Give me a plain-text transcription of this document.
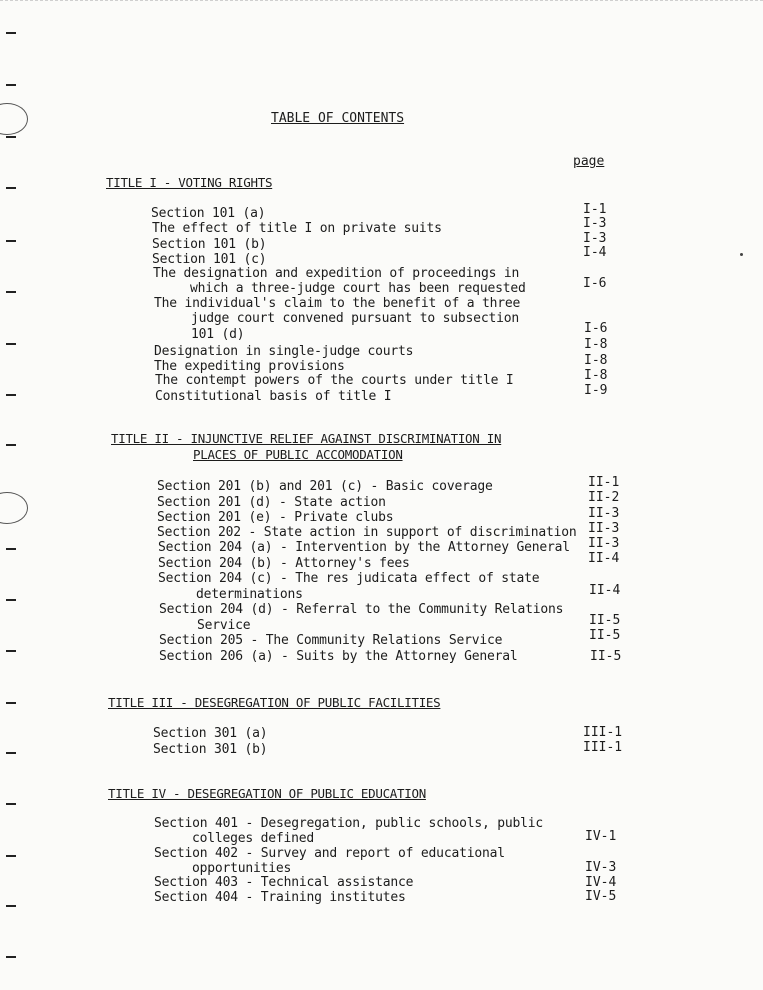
TABLE OF CONTENTS
page
TITLE I - VOTING RIGHTS
Section 101 (a)
The effect of title I on private suits
Section 101 (b)
Section 101 (c)
The designation and expedition of proceedings in
which a three-judge court has been requested
The individual's claim to the benefit of a three
judge court convened pursuant to subsection
101 (d)
Designation in single-judge courts
The expediting provisions
The contempt powers of the courts under title I
Constitutional basis of title I
I-1
I-3
I-3
I-4
I-6
I-6
I-8
I-8
I-8
I-9
TITLE II - INJUNCTIVE RELIEF AGAINST DISCRIMINATION IN
PLACES OF PUBLIC ACCOMODATION
Section 201 (b) and 201 (c) - Basic coverage
Section 201 (d) - State action
Section 201 (e) - Private clubs
Section 202 - State action in support of discrimination
Section 204 (a) - Intervention by the Attorney General
Section 204 (b) - Attorney's fees
Section 204 (c) - The res judicata effect of state
determinations
Section 204 (d) - Referral to the Community Relations
Service
Section 205 - The Community Relations Service
Section 206 (a) - Suits by the Attorney General
II-1
II-2
II-3
II-3
II-3
II-4
II-4
II-5
II-5
II-5
TITLE III - DESEGREGATION OF PUBLIC FACILITIES
Section 301 (a)
Section 301 (b)
III-1
III-1
TITLE IV - DESEGREGATION OF PUBLIC EDUCATION
Section 401 - Desegregation, public schools, public
colleges defined
Section 402 - Survey and report of educational
opportunities
Section 403 - Technical assistance
Section 404 - Training institutes
IV-1
IV-3
IV-4
IV-5
